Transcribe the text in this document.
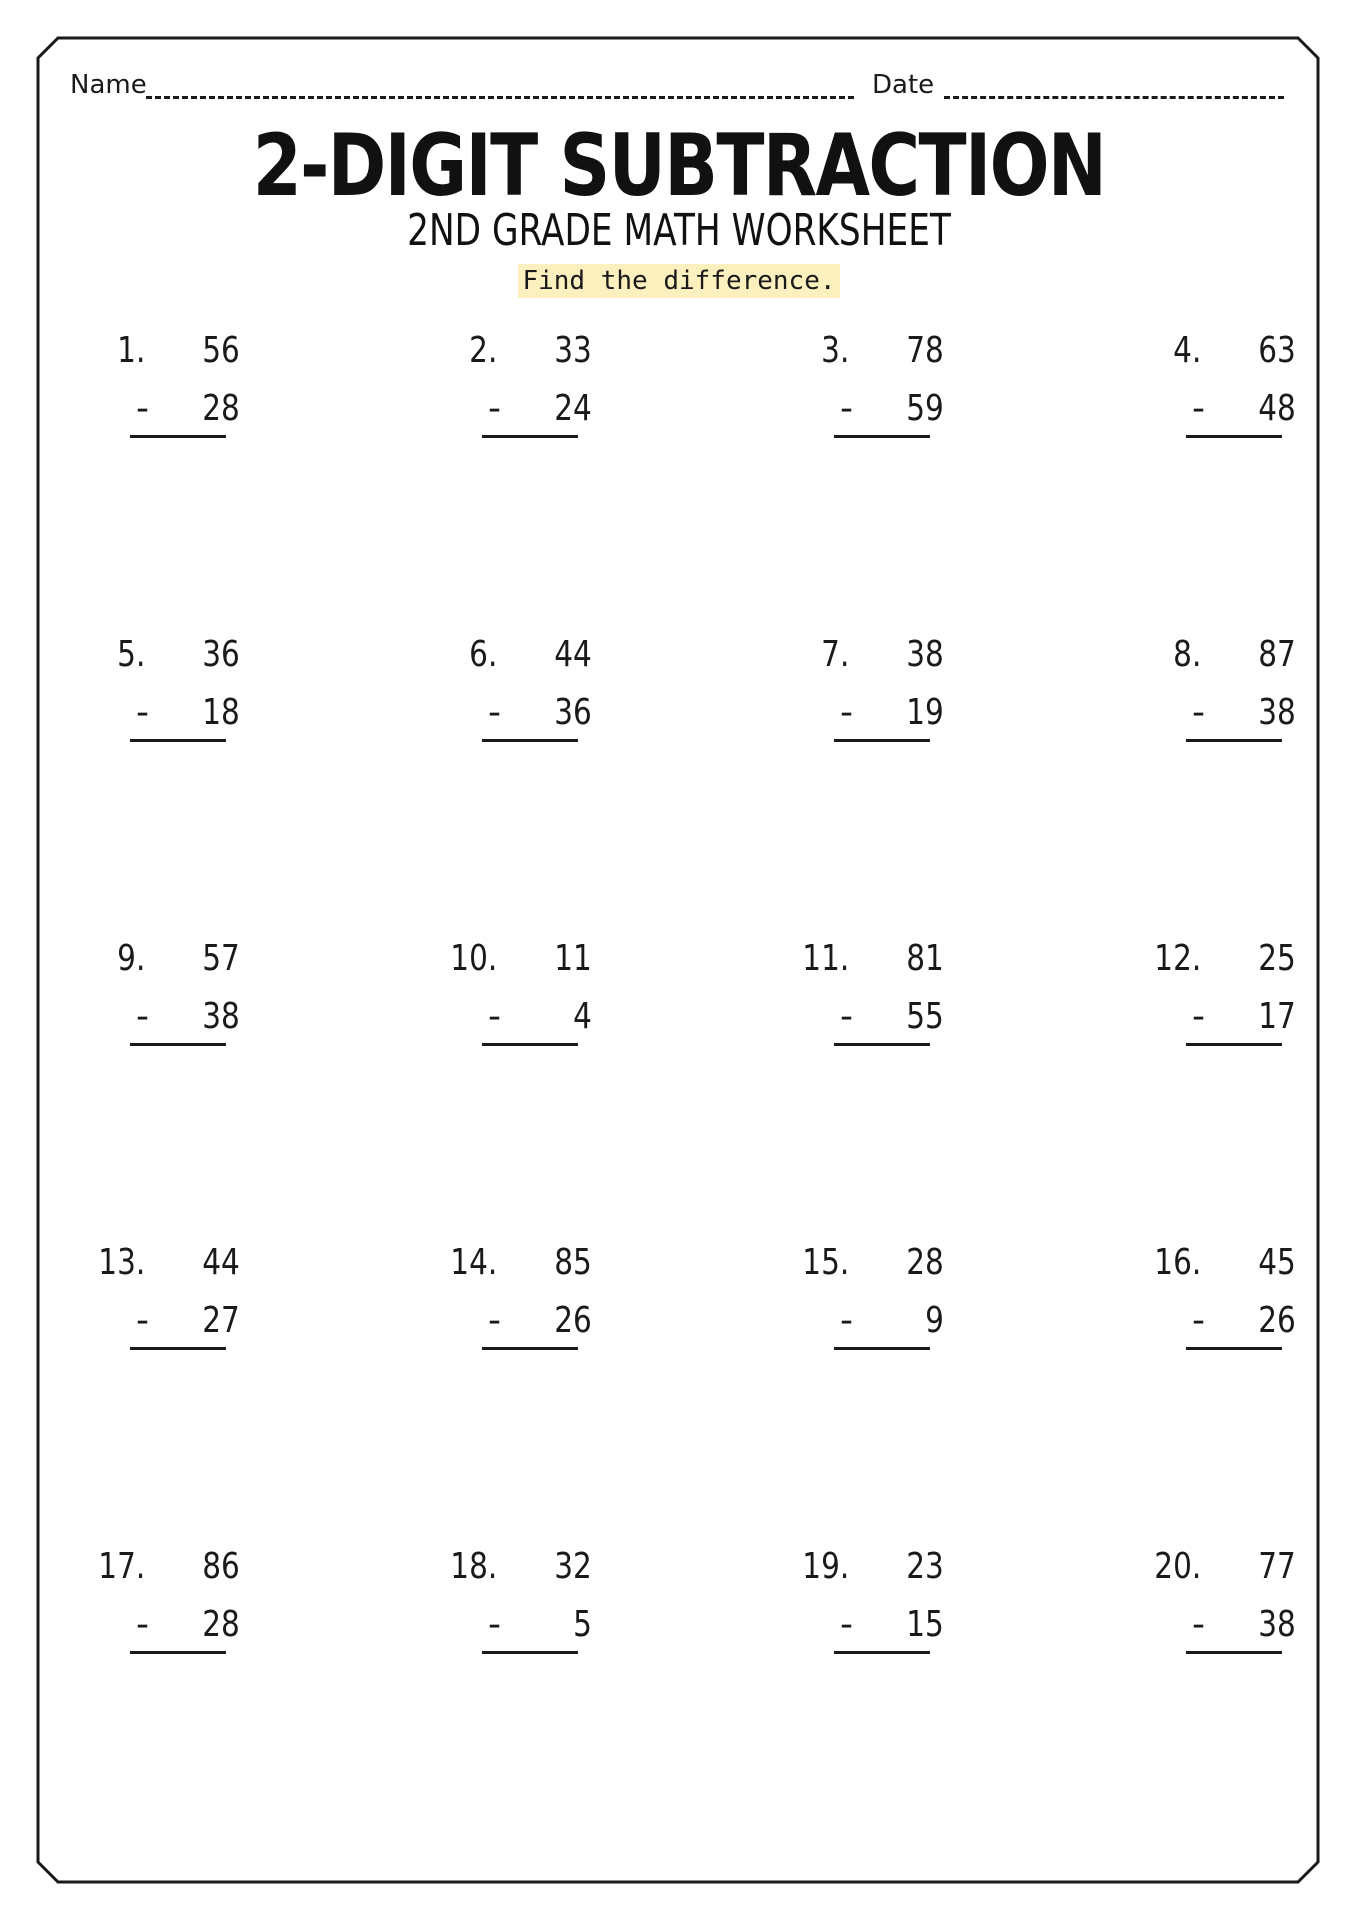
Name	Date
2-DIGIT SUBTRACTION
2ND GRADE MATH WORKSHEET
Find the difference.
1. 56
- 28
2. 33
- 24
3. 78
- 59
4. 63
- 48
5. 36
- 18
6. 44
- 36
7. 38
- 19
8. 87
- 38
9. 57
- 38
10. 11
- 4
11. 81
- 55
12. 25
- 17
13. 44
- 27
14. 85
- 26
15. 28
- 9
16. 45
- 26
17. 86
- 28
18. 32
- 5
19. 23
- 15
20. 77
- 38
